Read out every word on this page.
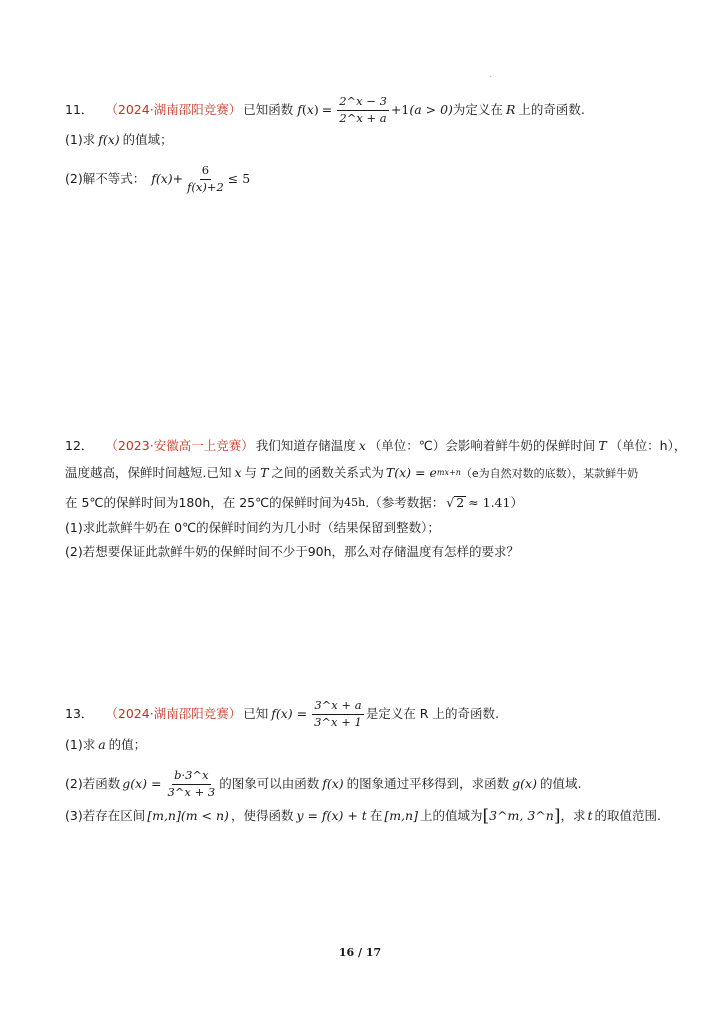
.
11． （2024·湖南邵阳竞赛） 已知函数 f ( x ) = $\frac{2\^{}x - 3}{2\^{}x + a} +1$ (a > 0) 为定义在 R 上的奇函数.
(1)求 f(x) 的值域；
(2)解不等式： $f(x)+ \frac{6}{f(x)+2} \le 5$
12． （2023·安徽高一上竞赛） 我们知道存储温度 x （单位：℃）会影响着鲜牛奶的保鲜时间 T （单位：h），
温度越高，保鲜时间越短.已知 x 与 T 之间的函数关系式为 T(x) = e mx+n （e为自然对数的底数），某款鲜牛奶
在 5℃的保鲜时间为180h，在 25℃的保鲜时间为 45h .（参考数据： √ 2 ≈ 1.41 ）
(1)求此款鲜牛奶在 0℃的保鲜时间约为几小时（结果保留到整数）；
(2)若想要保证此款鲜牛奶的保鲜时间不少于90h，那么对存储温度有怎样的要求？
13． （2024·湖南邵阳竞赛） 已知 $f(x) = \frac{3\^{}x + a}{3\^{}x + 1}$ 是定义在 R 上的奇函数.
(1)求 a 的值；
(2)若函数 $g(x) = \frac{b\cdot 3\^{}x}{3\^{}x + 3}$ 的图象可以由函数 f(x) 的图象通过平移得到，求函数 g(x) 的值域.
(3)若存在区间 [m,n](m < n) ，使得函数 y = f(x) + t 在 [m,n] 上的值域为 [ 3^m, 3^n ] ，求 t 的取值范围.
16 / 17
